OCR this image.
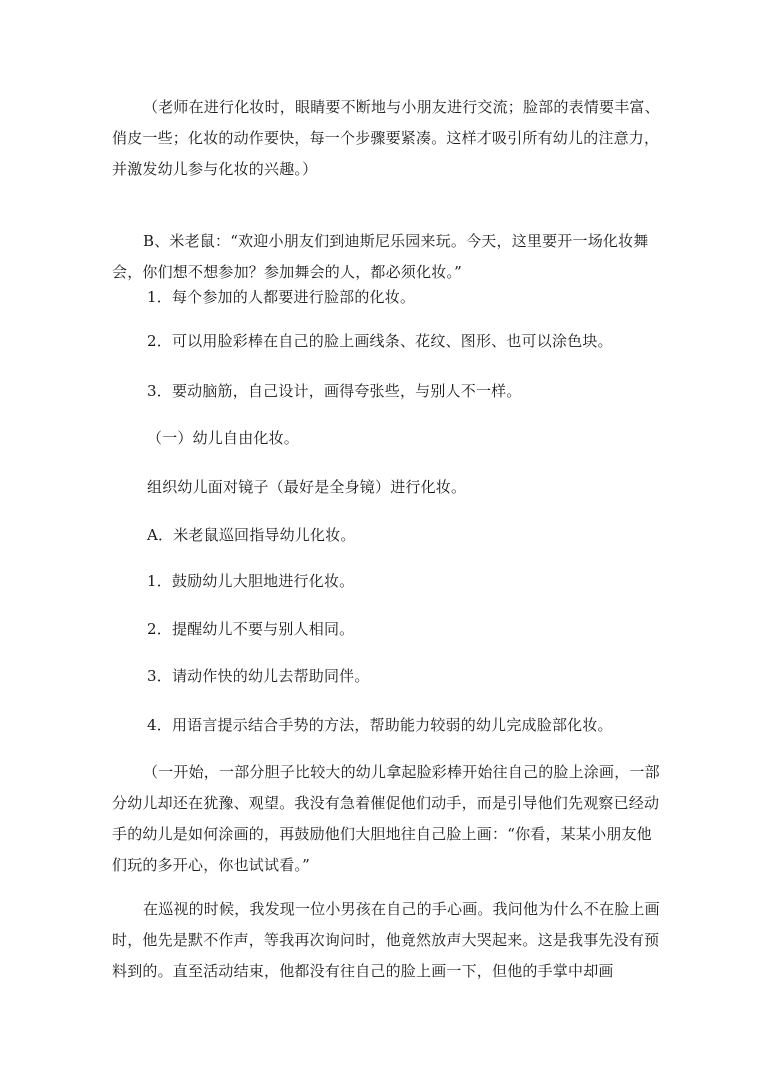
（老师在进行化妆时，眼睛要不断地与小朋友进行交流；脸部的表情要丰富、俏皮一些；化妆的动作要快，每一个步骤要紧凑。这样才吸引所有幼儿的注意力，并激发幼儿参与化妆的兴趣。）

B、米老鼠：“欢迎小朋友们到迪斯尼乐园来玩。今天，这里要开一场化妆舞会，你们想不想参加？参加舞会的人，都必须化妆。”

1．每个参加的人都要进行脸部的化妆。

2．可以用脸彩棒在自己的脸上画线条、花纹、图形、也可以涂色块。

3．要动脑筋，自己设计，画得夸张些，与别人不一样。

（一）幼儿自由化妆。

组织幼儿面对镜子（最好是全身镜）进行化妆。

A．米老鼠巡回指导幼儿化妆。

1．鼓励幼儿大胆地进行化妆。

2．提醒幼儿不要与别人相同。

3．请动作快的幼儿去帮助同伴。

4．用语言提示结合手势的方法，帮助能力较弱的幼儿完成脸部化妆。

（一开始，一部分胆子比较大的幼儿拿起脸彩棒开始往自己的脸上涂画，一部分幼儿却还在犹豫、观望。我没有急着催促他们动手，而是引导他们先观察已经动手的幼儿是如何涂画的，再鼓励他们大胆地往自己脸上画：“你看，某某小朋友他们玩的多开心，你也试试看。”

在巡视的时候，我发现一位小男孩在自己的手心画。我问他为什么不在脸上画时，他先是默不作声，等我再次询问时，他竟然放声大哭起来。这是我事先没有预料到的。直至活动结束，他都没有往自己的脸上画一下，但他的手掌中却画
